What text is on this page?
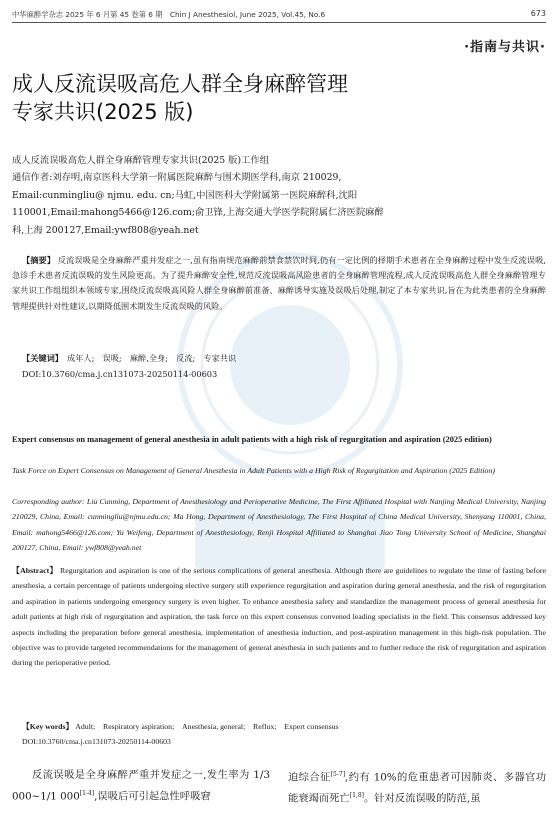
中华麻醉学杂志 2025 年 6 月第 45 卷第 6 期　Chin J Anesthesiol, June 2025, Vol.45, No.6	673
·指南与共识·
成人反流误吸高危人群全身麻醉管理
专家共识(2025 版)
成人反流误吸高危人群全身麻醉管理专家共识(2025 版)工作组
通信作者:刘存明,南京医科大学第一附属医院麻醉与围术期医学科,南京 210029,
Email:cunmingliu@ njmu. edu. cn;马虹,中国医科大学附属第一医院麻醉科,沈阳
110001,Email:mahong5466@126.com;俞卫锋,上海交通大学医学院附属仁济医院麻醉
科,上海 200127,Email:ywf808@yeah.net
【摘要】 反流误吸是全身麻醉严重并发症之一,虽有指南规范麻醉前禁食禁饮时间,仍有一定比例的择期手术患者在全身麻醉过程中发生反流误吸,急诊手术患者反流误吸的发生风险更高。为了提升麻醉安全性,规范反流误吸高风险患者的全身麻醉管理流程,成人反流误吸高危人群全身麻醉管理专家共识工作组组织本领域专家,围绕反流误吸高风险人群全身麻醉前准备、麻醉诱导实施及误吸后处理,制定了本专家共识,旨在为此类患者的全身麻醉管理提供针对性建议,以期降低围术期发生反流误吸的风险。
【关键词】　成年人;　误吸;　麻醉,全身;　反流;　专家共识
DOI:10.3760/cma.j.cn131073-20250114-00603
Expert consensus on management of general anesthesia in adult patients with a high risk of regurgitation and aspiration (2025 edition)
Task Force on Expert Consensus on Management of General Anesthesia in Adult Patients with a High Risk of Regurgitation and Aspiration (2025 Edition)
Corresponding author: Liu Cunming, Department of Anesthesiology and Perioperative Medicine, The First Affiliated Hospital with Nanjing Medical University, Nanjing 210029, China, Email: cunmingliu@njmu.edu.cn; Ma Hong, Department of Anesthesiology, The First Hospital of China Medical University, Shenyang 110001, China, Email: mahong5466@126.com; Yu Weifeng, Department of Anesthesiology, Renji Hospital Affiliated to Shanghai Jiao Tong University School of Medicine, Shanghai 200127, China, Email: ywf808@yeah.net
【Abstract】 Regurgitation and aspiration is one of the serious complications of general anesthesia. Although there are guidelines to regulate the time of fasting before anesthesia, a certain percentage of patients undergoing elective surgery still experience regurgitation and aspiration during general anesthesia, and the risk of regurgitation and aspiration in patients undergoing emergency surgery is even higher. To enhance anesthesia safety and standardize the management process of general anesthesia for adult patients at high risk of regurgitation and aspiration, the task force on this expert consensus convened leading specialists in the field. This consensus addressed key aspects including the preparation before general anesthesia, implementation of anesthesia induction, and post-aspiration management in this high-risk population. The objective was to provide targeted recommendations for the management of general anesthesia in such patients and to further reduce the risk of regurgitation and aspiration during the perioperative period.
【Key words】 Adult;　Respiratory aspiration;　Anesthesia, general;　Reflux;　Expert consensus
DOI:10.3760/cma.j.cn131073-20250114-00603
反流误吸是全身麻醉严重并发症之一,发生率为 1/3 000~1/1 000[1-4],误吸后可引起急性呼吸窘
迫综合征[5-7],约有 10%的危重患者可因肺炎、多器官功能衰竭而死亡[1,8]。针对反流误吸的防范,虽
